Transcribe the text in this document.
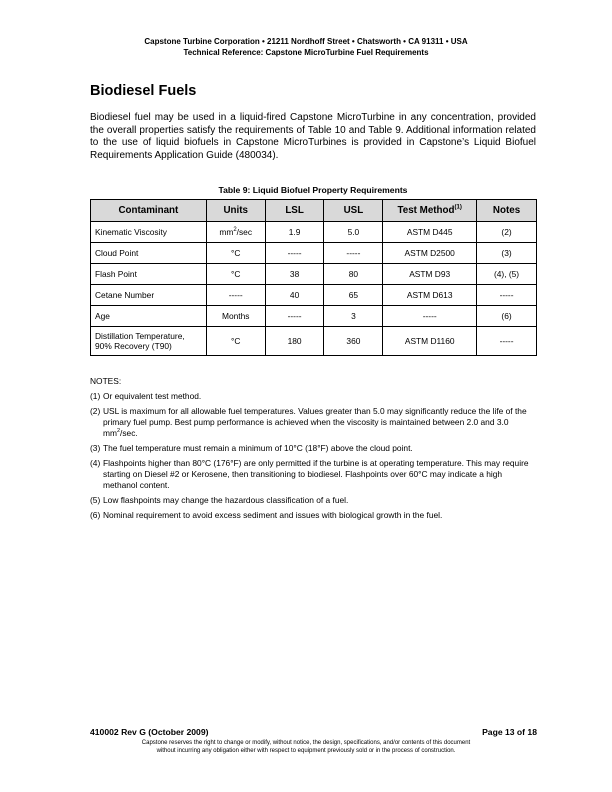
Capstone Turbine Corporation • 21211 Nordhoff Street • Chatsworth • CA 91311 • USA
Technical Reference: Capstone MicroTurbine Fuel Requirements
Biodiesel Fuels

Biodiesel fuel may be used in a liquid-fired Capstone MicroTurbine in any concentration, provided the overall properties satisfy the requirements of Table 10 and Table 9. Additional information related to the use of liquid biofuels in Capstone MicroTurbines is provided in Capstone’s Liquid Biofuel Requirements Application Guide (480034).

Table 9: Liquid Biofuel Property Requirements
Contaminant	Units	LSL	USL	Test Method$^{(1)}$	Notes
Kinematic Viscosity	$mm^2/\sec$	1.9	5.0	ASTM D445	(2)
Cloud Point	°C	-----	-----	ASTM D2500	(3)
Flash Point	°C	38	80	ASTM D93	(4), (5)
Cetane Number	-----	40	65	ASTM D613	-----
Age	Months	-----	3	-----	(6)

Distillation Temperature,
90% Recovery (T90)	°C	180	360	ASTM D1160	-----
NOTES:
(1) Or equivalent test method.
(2) USL is maximum for all allowable fuel temperatures. Values greater than 5.0 may significantly reduce the life of the primary fuel pump. Best pump performance is achieved when the viscosity is maintained between 2.0 and 3.0 $mm^2/\sec$.
(3) The fuel temperature must remain a minimum of 10°C (18°F) above the cloud point.
(4) Flashpoints higher than 80°C (176°F) are only permitted if the turbine is at operating temperature. This may require starting on Diesel #2 or Kerosene, then transitioning to biodiesel. Flashpoints over 60°C may indicate a high methanol content.
(5) Low flashpoints may change the hazardous classification of a fuel.
(6) Nominal requirement to avoid excess sediment and issues with biological growth in the fuel.
410002 Rev G (October 2009)	Page 13 of 18
Capstone reserves the right to change or modify, without notice, the design, specifications, and/or contents of this document
without incurring any obligation either with respect to equipment previously sold or in the process of construction.
